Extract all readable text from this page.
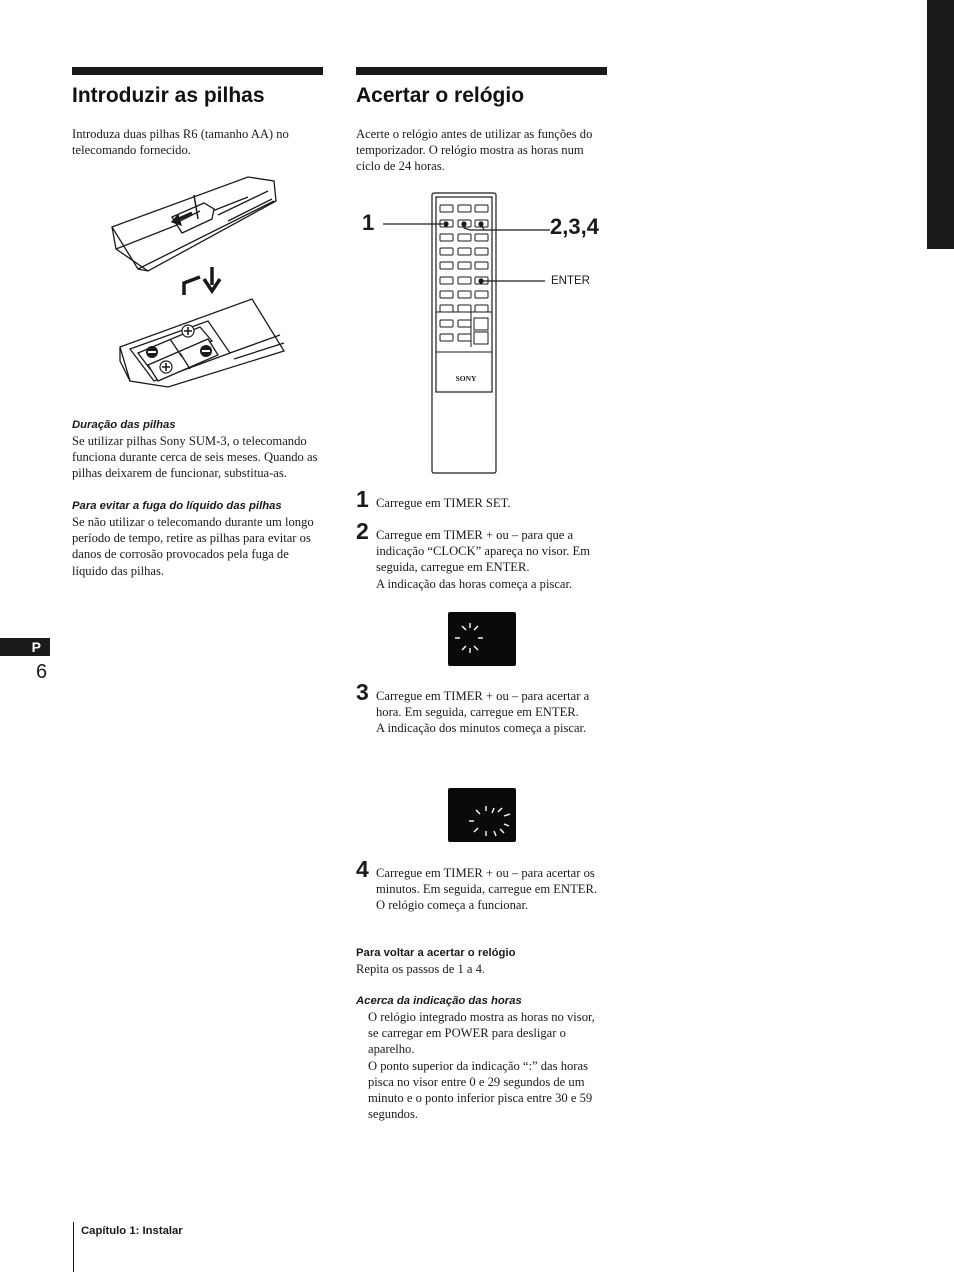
Introduzir as pilhas
Introduza duas pilhas R6 (tamanho AA) no telecomando fornecido.
Duração das pilhas
Se utilizar pilhas Sony SUM-3, o telecomando funciona durante cerca de seis meses. Quando as pilhas deixarem de funcionar, substitua-as.
Para evitar a fuga do líquido das pilhas
Se não utilizar o telecomando durante um longo período de tempo, retire as pilhas para evitar os danos de corrosão provocados pela fuga de líquido das pilhas.
Acertar o relógio
Acerte o relógio antes de utilizar as funções do temporizador. O relógio mostra as horas num ciclo de 24 horas.
SONY
1	2,3,4
ENTER
1 Carregue em TIMER SET.
2 Carregue em TIMER + ou – para que a indicação “CLOCK” apareça no visor. Em seguida, carregue em ENTER.
A indicação das horas começa a piscar.
3 Carregue em TIMER + ou – para acertar a hora. Em seguida, carregue em ENTER.
A indicação dos minutos começa a piscar.
4 Carregue em TIMER + ou – para acertar os minutos. Em seguida, carregue em ENTER.
O relógio começa a funcionar.
Para voltar a acertar o relógio
Repita os passos de 1 a 4.
Acerca da indicação das horas
O relógio integrado mostra as horas no visor, se carregar em POWER para desligar o aparelho.
O ponto superior da indicação “:” das horas pisca no visor entre 0 e 29 segundos de um minuto e o ponto inferior pisca entre 30 e 59 segundos.
P
6
Capítulo 1: Instalar
